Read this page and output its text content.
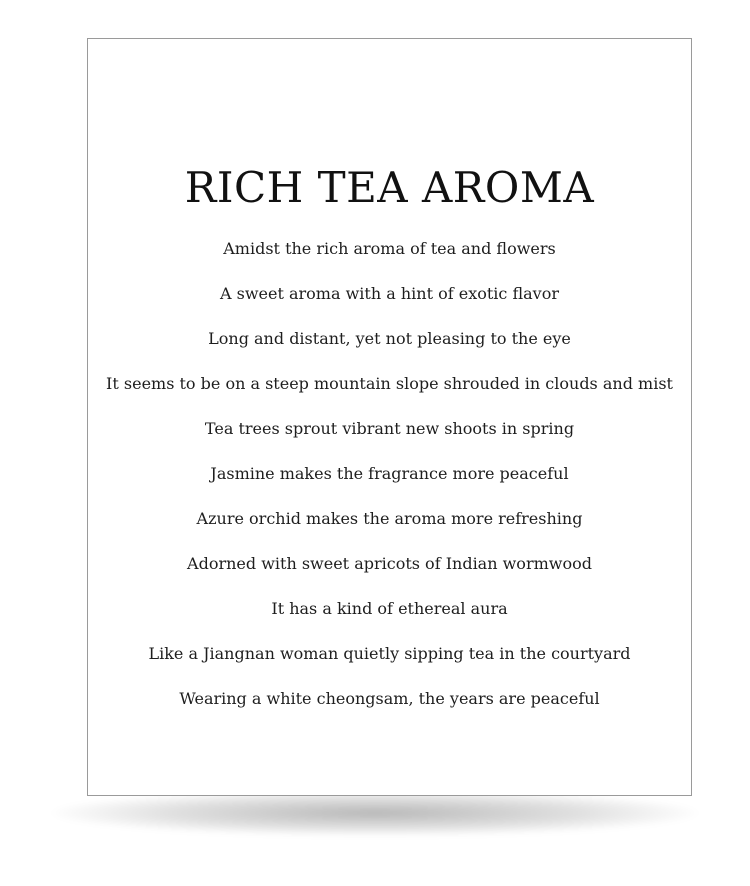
RICH TEA AROMA
Amidst the rich aroma of tea and flowers
A sweet aroma with a hint of exotic flavor
Long and distant, yet not pleasing to the eye
It seems to be on a steep mountain slope shrouded in clouds and mist
Tea trees sprout vibrant new shoots in spring
Jasmine makes the fragrance more peaceful
Azure orchid makes the aroma more refreshing
Adorned with sweet apricots of Indian wormwood
It has a kind of ethereal aura
Like a Jiangnan woman quietly sipping tea in the courtyard
Wearing a white cheongsam, the years are peaceful
